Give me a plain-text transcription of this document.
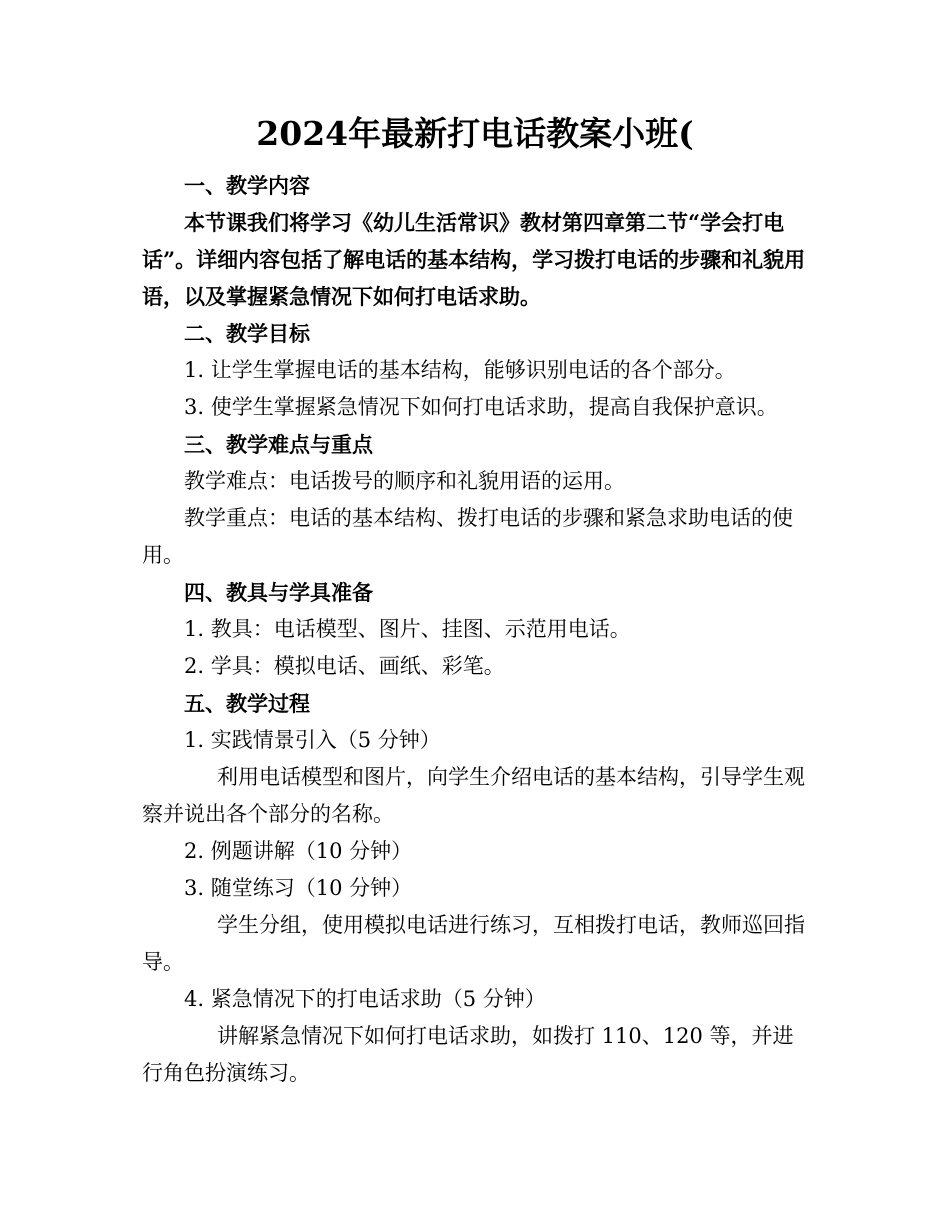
2024年最新打电话教案小班(

一、教学内容

本节课我们将学习《幼儿生活常识》教材第四章第二节“学会打电话”。详细内容包括了解电话的基本结构，学习拨打电话的步骤和礼貌用语，以及掌握紧急情况下如何打电话求助。

二、教学目标

1. 让学生掌握电话的基本结构，能够识别电话的各个部分。

3. 使学生掌握紧急情况下如何打电话求助，提高自我保护意识。

三、教学难点与重点

教学难点：电话拨号的顺序和礼貌用语的运用。

教学重点：电话的基本结构、拨打电话的步骤和紧急求助电话的使用。

四、教具与学具准备

1. 教具：电话模型、图片、挂图、示范用电话。

2. 学具：模拟电话、画纸、彩笔。

五、教学过程

1. 实践情景引入（5 分钟）

利用电话模型和图片，向学生介绍电话的基本结构，引导学生观察并说出各个部分的名称。

2. 例题讲解（10 分钟）

3. 随堂练习（10 分钟）

学生分组，使用模拟电话进行练习，互相拨打电话，教师巡回指导。

4. 紧急情况下的打电话求助（5 分钟）

讲解紧急情况下如何打电话求助，如拨打 110、120 等，并进行角色扮演练习。
